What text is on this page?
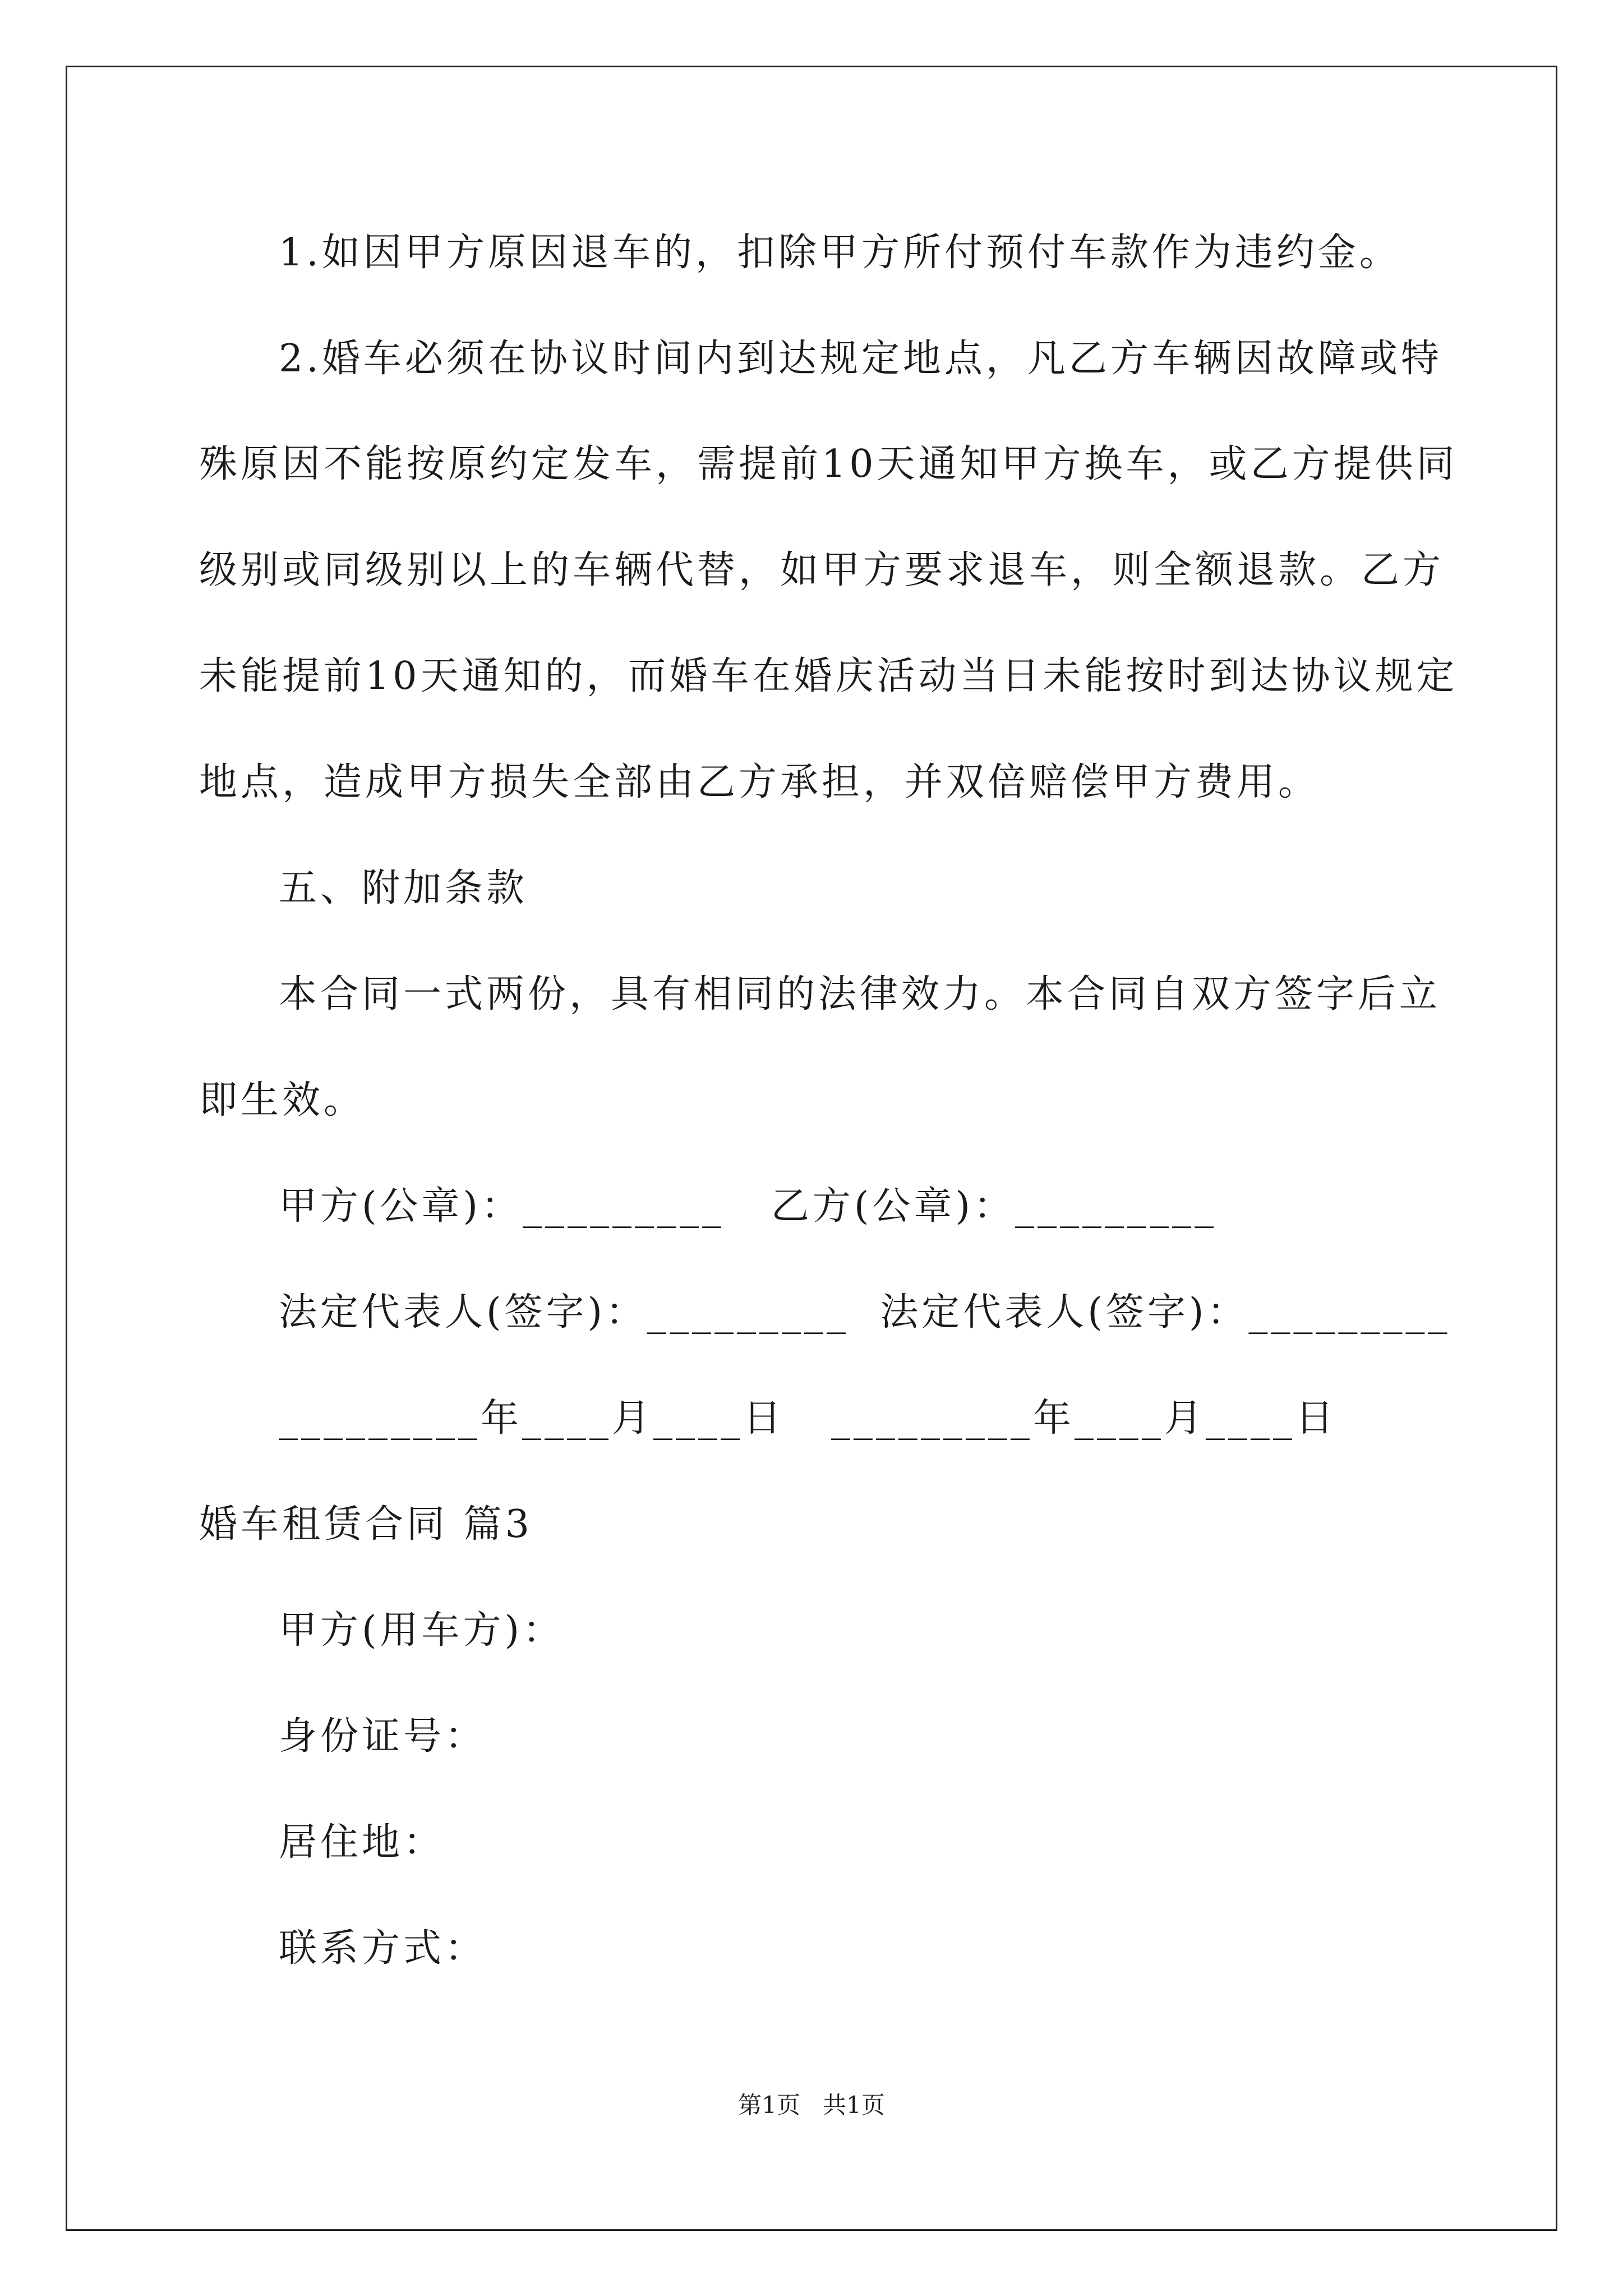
1.如因甲方原因退车的，扣除甲方所付预付车款作为违约金。
2.婚车必须在协议时间内到达规定地点，凡乙方车辆因故障或特
殊原因不能按原约定发车，需提前10天通知甲方换车，或乙方提供同
级别或同级别以上的车辆代替，如甲方要求退车，则全额退款。乙方
未能提前10天通知的，而婚车在婚庆活动当日未能按时到达协议规定
地点，造成甲方损失全部由乙方承担，并双倍赔偿甲方费用。
五、附加条款
本合同一式两份，具有相同的法律效力。本合同自双方签字后立
即生效。
甲方(公章)：_________   乙方(公章)：_________
法定代表人(签字)：_________  法定代表人(签字)：_________
_________年____月____日   _________年____月____日
婚车租赁合同 篇3
甲方(用车方)：
身份证号：
居住地：
联系方式：
第1页   共1页
